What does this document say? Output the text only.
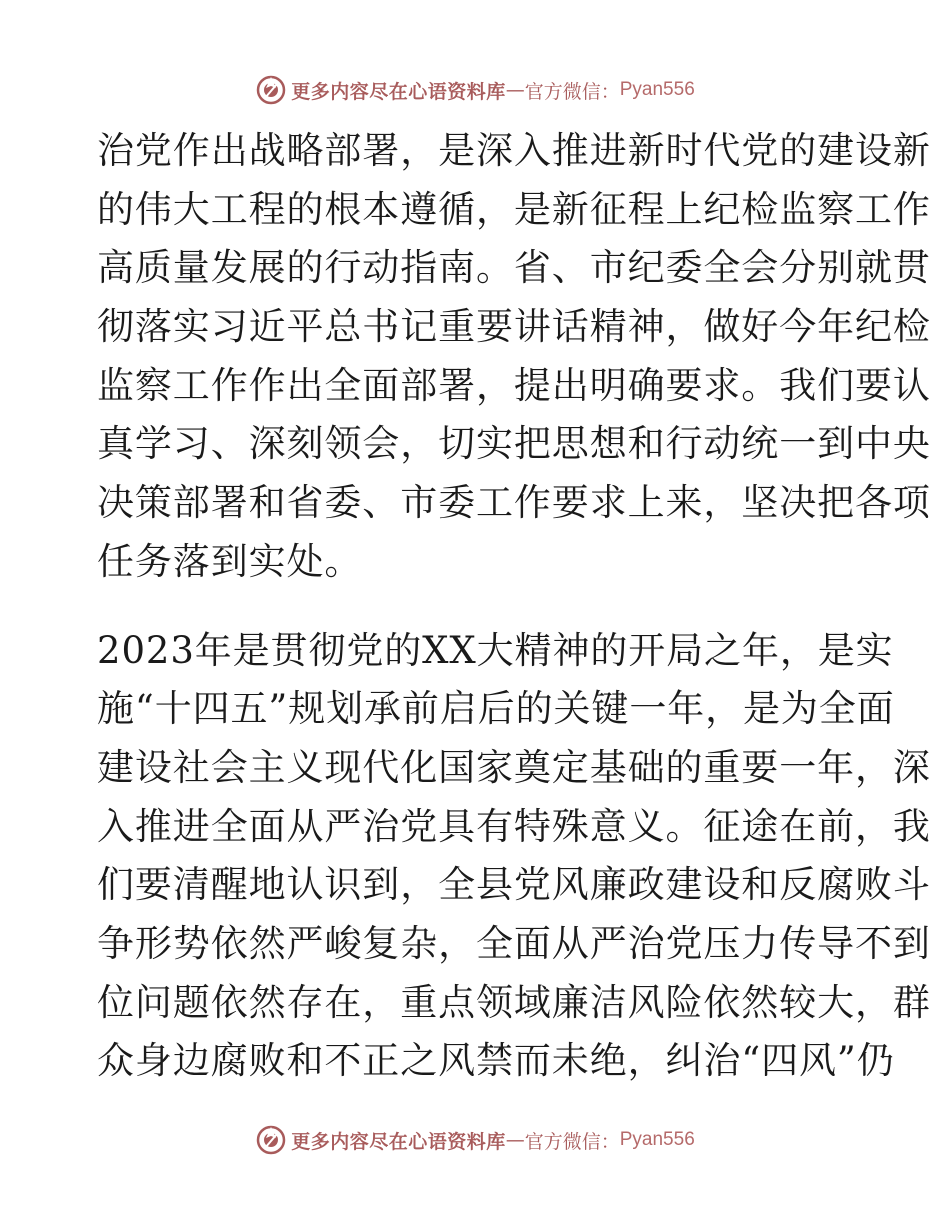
更多内容尽在心语资料库 — 官方微信： Pyan556
治党作出战略部署，是深入推进新时代党的建设新
的伟大工程的根本遵循，是新征程上纪检监察工作
高质量发展的行动指南。省、市纪委全会分别就贯
彻落实习近平总书记重要讲话精神，做好今年纪检
监察工作作出全面部署，提出明确要求。我们要认
真学习、深刻领会，切实把思想和行动统一到中央
决策部署和省委、市委工作要求上来，坚决把各项
任务落到实处。
2023年是贯彻党的XX大精神的开局之年，是实
施“十四五”规划承前启后的关键一年，是为全面
建设社会主义现代化国家奠定基础的重要一年，深
入推进全面从严治党具有特殊意义。征途在前，我
们要清醒地认识到，全县党风廉政建设和反腐败斗
争形势依然严峻复杂，全面从严治党压力传导不到
位问题依然存在，重点领域廉洁风险依然较大，群
众身边腐败和不正之风禁而未绝，纠治“四风”仍
更多内容尽在心语资料库 — 官方微信： Pyan556
